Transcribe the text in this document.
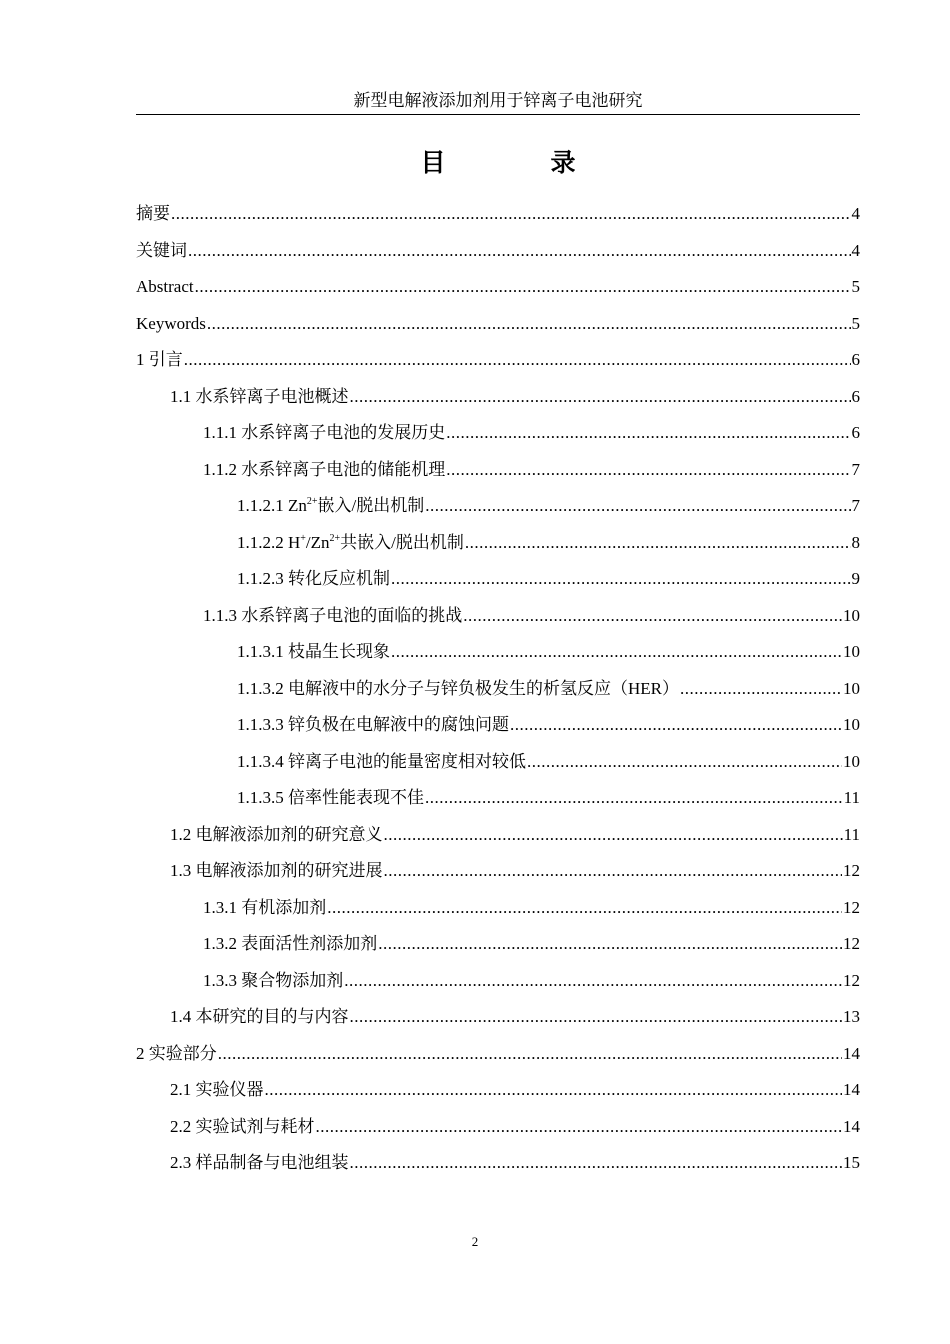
新型电解液添加剂用于锌离子电池研究
目　录
摘要 .....	4
关键词 .....	4
Abstract .....	5
Keywords .....	5
1 引言 .....	6
1.1 水系锌离子电池概述 .....	6
1.1.1 水系锌离子电池的发展历史 .....	6
1.1.2 水系锌离子电池的储能机理 .....	7
1.1.2.1 $Zn^{2+}$嵌入/脱出机制 .....	7
1.1.2.2 $H^+/Zn^{2+}$共嵌入/脱出机制 .....	8
1.1.2.3 转化反应机制 .....	9
1.1.3 水系锌离子电池的面临的挑战 .....	10
1.1.3.1 枝晶生长现象 .....	10
1.1.3.2 电解液中的水分子与锌负极发生的析氢反应（HER） .....	10
1.1.3.3 锌负极在电解液中的腐蚀问题 .....	10
1.1.3.4 锌离子电池的能量密度相对较低 .....	10
1.1.3.5 倍率性能表现不佳 .....	11
1.2 电解液添加剂的研究意义 .....	11
1.3 电解液添加剂的研究进展 .....	12
1.3.1 有机添加剂 .....	12
1.3.2 表面活性剂添加剂 .....	12
1.3.3 聚合物添加剂 .....	12
1.4 本研究的目的与内容 .....	13
2 实验部分 .....	14
2.1 实验仪器 .....	14
2.2 实验试剂与耗材 .....	14
2.3 样品制备与电池组装 .....	15
2
